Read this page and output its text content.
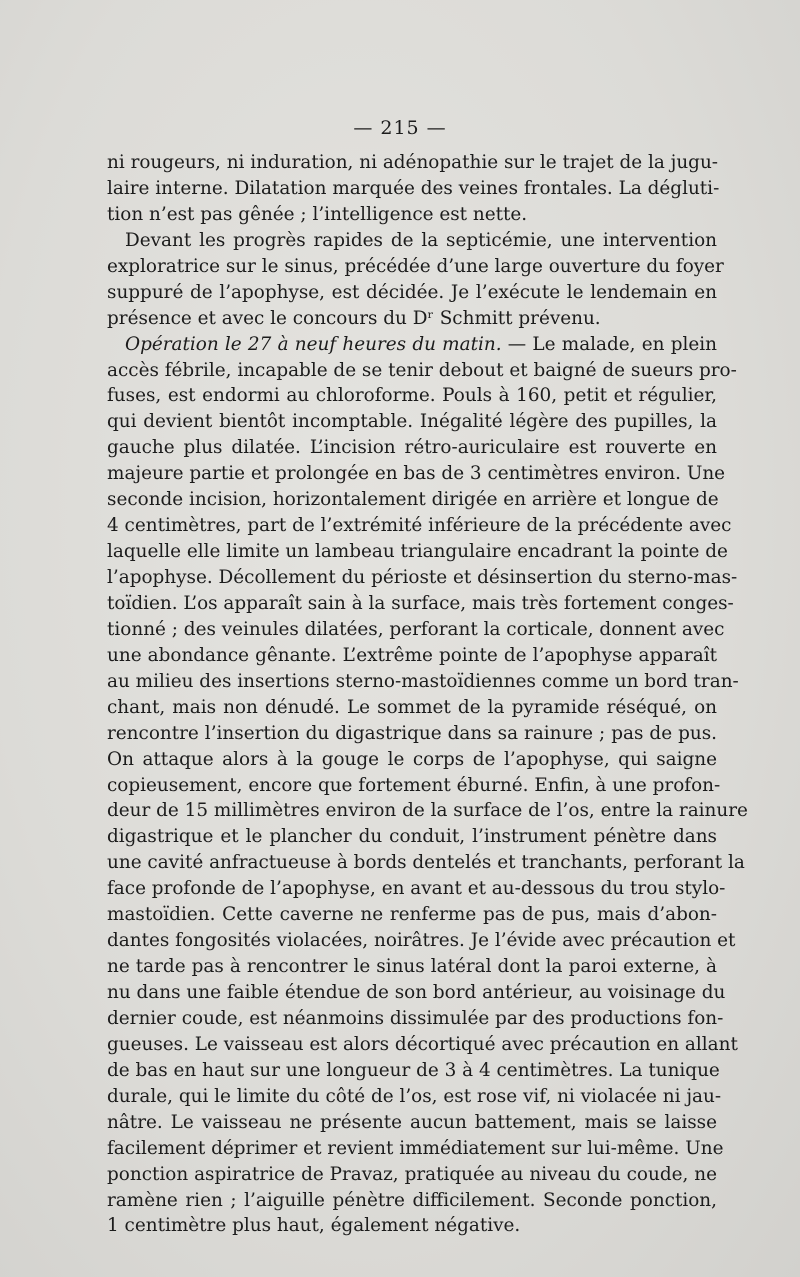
— 215 —
ni rougeurs, ni induration, ni adénopathie sur le trajet de la jugu-
laire interne. Dilatation marquée des veines frontales. La dégluti-
tion n’est pas gênée ; l’intelligence est nette.
Devant les progrès rapides de la septicémie, une intervention
exploratrice sur le sinus, précédée d’une large ouverture du foyer
suppuré de l’apophyse, est décidée. Je l’exécute le lendemain en
présence et avec le concours du Dʳ Schmitt prévenu.
Opération le 27 à neuf heures du matin. — Le malade, en plein
accès fébrile, incapable de se tenir debout et baigné de sueurs pro-
fuses, est endormi au chloroforme. Pouls à 160, petit et régulier,
qui devient bientôt incomptable. Inégalité légère des pupilles, la
gauche plus dilatée. L’incision rétro-auriculaire est rouverte en
majeure partie et prolongée en bas de 3 centimètres environ. Une
seconde incision, horizontalement dirigée en arrière et longue de
4 centimètres, part de l’extrémité inférieure de la précédente avec
laquelle elle limite un lambeau triangulaire encadrant la pointe de
l’apophyse. Décollement du périoste et désinsertion du sterno-mas-
toïdien. L’os apparaît sain à la surface, mais très fortement conges-
tionné ; des veinules dilatées, perforant la corticale, donnent avec
une abondance gênante. L’extrême pointe de l’apophyse apparaît
au milieu des insertions sterno-mastoïdiennes comme un bord tran-
chant, mais non dénudé. Le sommet de la pyramide réséqué, on
rencontre l’insertion du digastrique dans sa rainure ; pas de pus.
On attaque alors à la gouge le corps de l’apophyse, qui saigne
copieusement, encore que fortement éburné. Enfin, à une profon-
deur de 15 millimètres environ de la surface de l’os, entre la rainure
digastrique et le plancher du conduit, l’instrument pénètre dans
une cavité anfractueuse à bords dentelés et tranchants, perforant la
face profonde de l’apophyse, en avant et au-dessous du trou stylo-
mastoïdien. Cette caverne ne renferme pas de pus, mais d’abon-
dantes fongosités violacées, noirâtres. Je l’évide avec précaution et
ne tarde pas à rencontrer le sinus latéral dont la paroi externe, à
nu dans une faible étendue de son bord antérieur, au voisinage du
dernier coude, est néanmoins dissimulée par des productions fon-
gueuses. Le vaisseau est alors décortiqué avec précaution en allant
de bas en haut sur une longueur de 3 à 4 centimètres. La tunique
durale, qui le limite du côté de l’os, est rose vif, ni violacée ni jau-
nâtre. Le vaisseau ne présente aucun battement, mais se laisse
facilement déprimer et revient immédiatement sur lui-même. Une
ponction aspiratrice de Pravaz, pratiquée au niveau du coude, ne
ramène rien ; l’aiguille pénètre difficilement. Seconde ponction,
1 centimètre plus haut, également négative.
